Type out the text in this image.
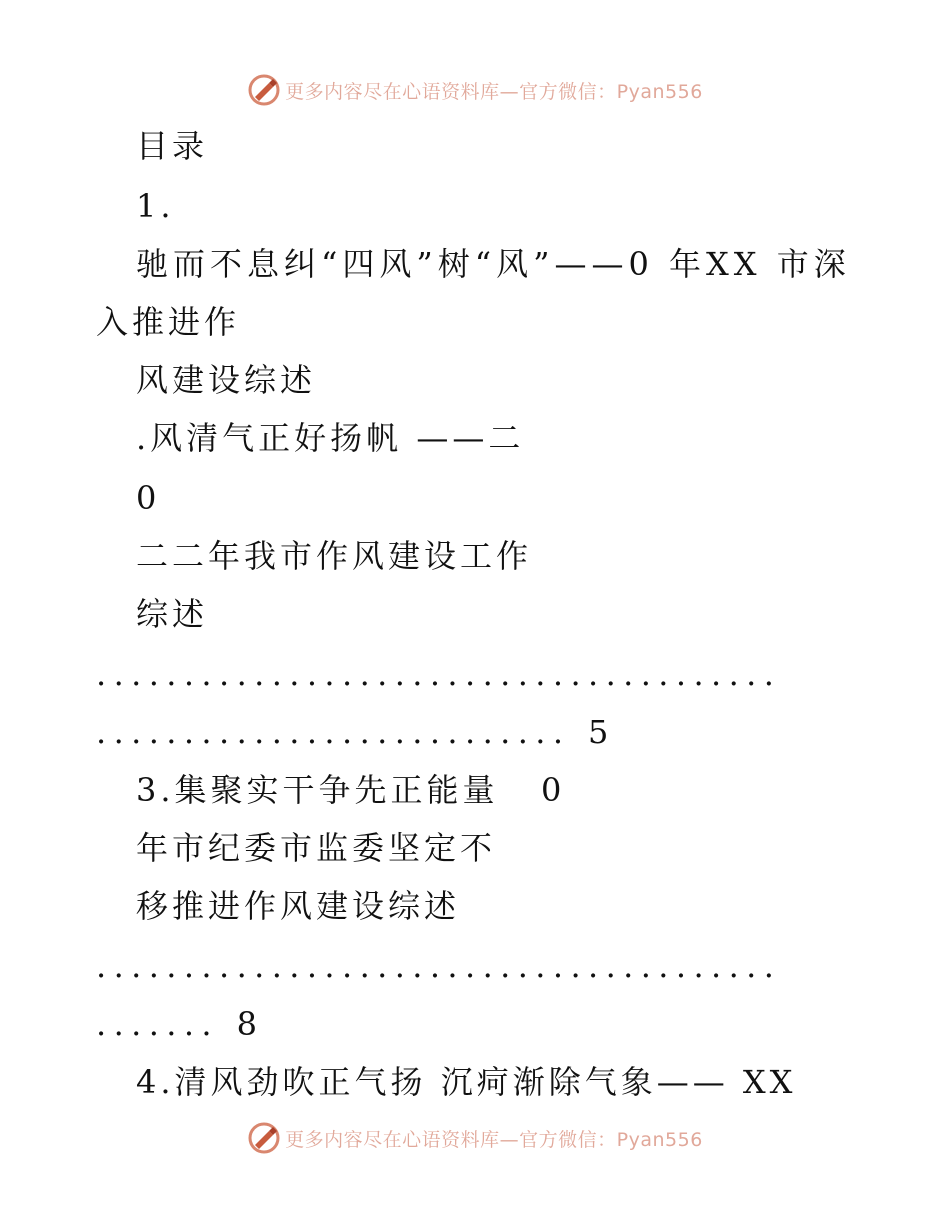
更多内容尽在心语资料库—官方微信：Pyan556
目录
1.
驰而不息纠“四风”树“风”——0 年XX 市深
入推进作
风建设综述
.风清气正好扬帆 ——二
0
二二年我市作风建设工作
综述
.......................................
........................... 5
3.集聚实干争先正能量   0
年市纪委市监委坚定不
移推进作风建设综述
.......................................
....... 8
4.清风劲吹正气扬 沉疴渐除气象—— XX
更多内容尽在心语资料库—官方微信：Pyan556
